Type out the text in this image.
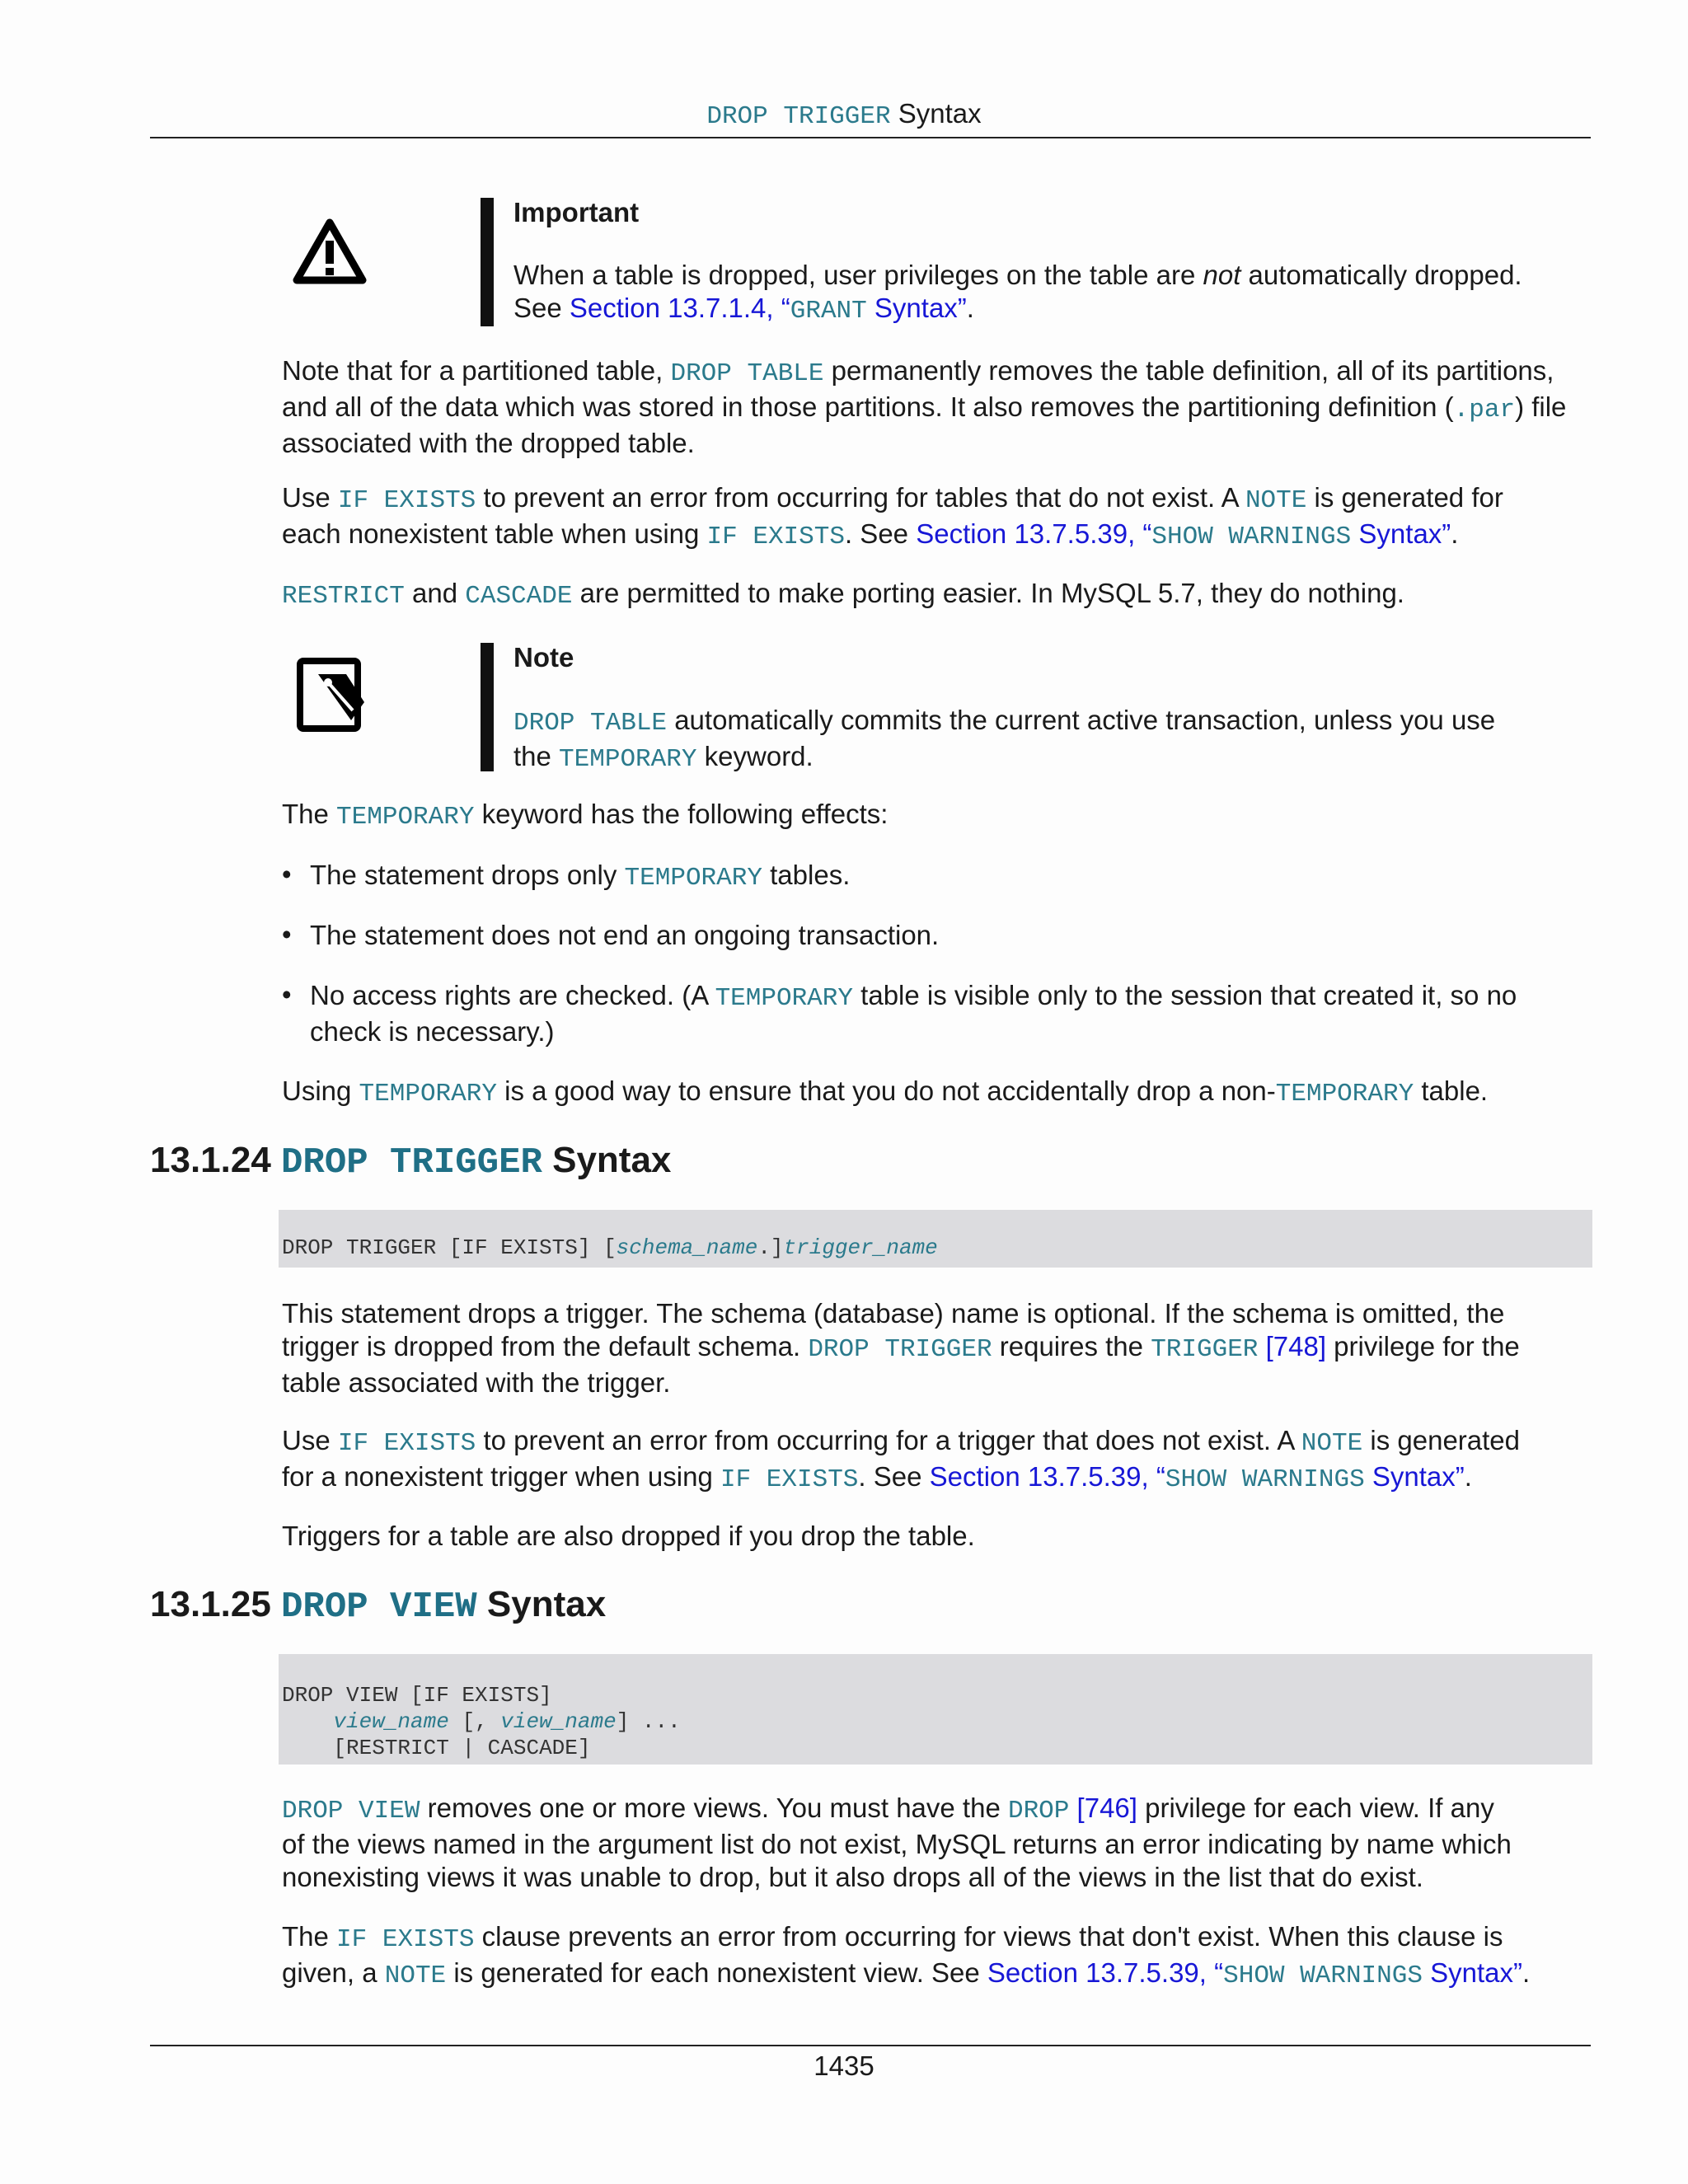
DROP TRIGGER Syntax
Important

When a table is dropped, user privileges on the table are not automatically dropped.
See Section 13.7.1.4, “GRANT Syntax”.

Note that for a partitioned table, DROP TABLE permanently removes the table definition, all of its partitions,
and all of the data which was stored in those partitions. It also removes the partitioning definition (.par) file
associated with the dropped table.

Use IF EXISTS to prevent an error from occurring for tables that do not exist. A NOTE is generated for
each nonexistent table when using IF EXISTS. See Section 13.7.5.39, “SHOW WARNINGS Syntax”.

RESTRICT and CASCADE are permitted to make porting easier. In MySQL 5.7, they do nothing.

Note

DROP TABLE automatically commits the current active transaction, unless you use
the TEMPORARY keyword.

The TEMPORARY keyword has the following effects:

• The statement drops only TEMPORARY tables.

• The statement does not end an ongoing transaction.

• No access rights are checked. (A TEMPORARY table is visible only to the session that created it, so no
check is necessary.)

Using TEMPORARY is a good way to ensure that you do not accidentally drop a non-TEMPORARY table.

13.1.24 DROP TRIGGER Syntax
DROP TRIGGER [IF EXISTS] [schema_name.]trigger_name

This statement drops a trigger. The schema (database) name is optional. If the schema is omitted, the
trigger is dropped from the default schema. DROP TRIGGER requires the TRIGGER [748] privilege for the
table associated with the trigger.

Use IF EXISTS to prevent an error from occurring for a trigger that does not exist. A NOTE is generated
for a nonexistent trigger when using IF EXISTS. See Section 13.7.5.39, “SHOW WARNINGS Syntax”.

Triggers for a table are also dropped if you drop the table.

13.1.25 DROP VIEW Syntax
DROP VIEW [IF EXISTS]
view_name [, view_name] ...
[RESTRICT | CASCADE]

DROP VIEW removes one or more views. You must have the DROP [746] privilege for each view. If any
of the views named in the argument list do not exist, MySQL returns an error indicating by name which
nonexisting views it was unable to drop, but it also drops all of the views in the list that do exist.

The IF EXISTS clause prevents an error from occurring for views that don't exist. When this clause is
given, a NOTE is generated for each nonexistent view. See Section 13.7.5.39, “SHOW WARNINGS Syntax”.

1435
